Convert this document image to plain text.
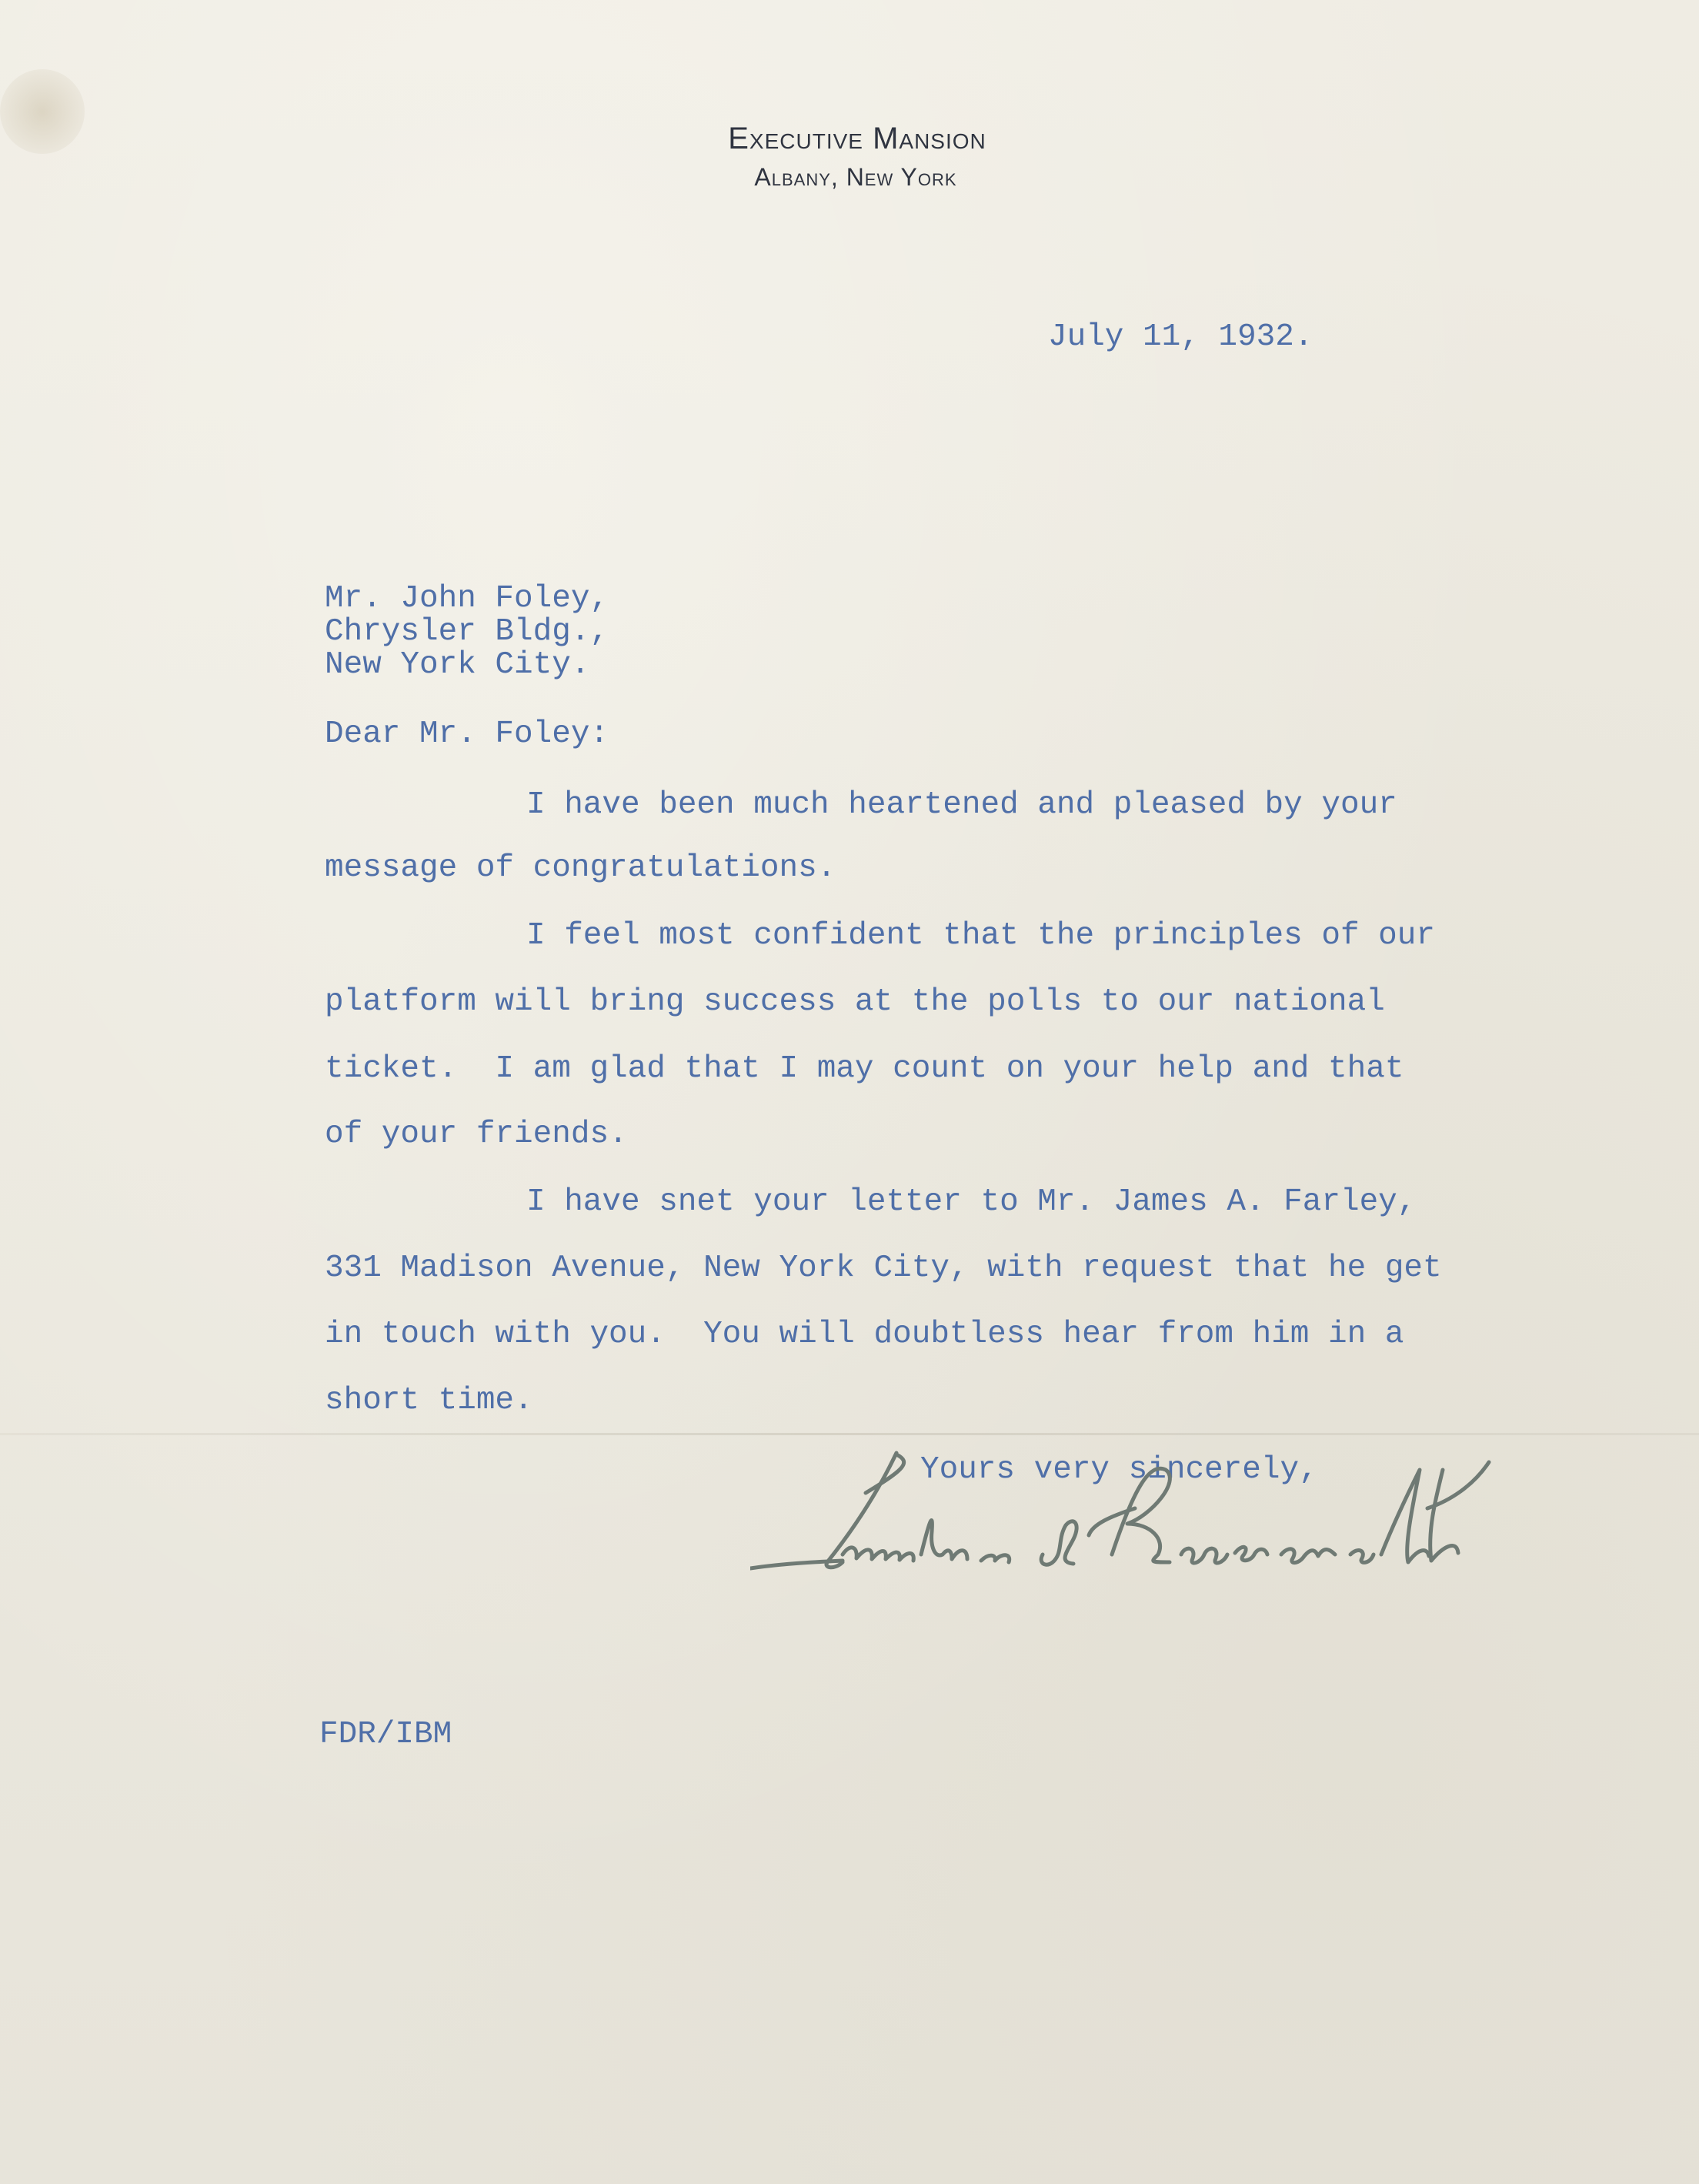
Executive Mansion
Albany, New York
July 11, 1932.
Mr. John Foley,
Chrysler Bldg.,
New York City.
Dear Mr. Foley:
I have been much heartened and pleased by your
message of congratulations.
I feel most confident that the principles of our
platform will bring success at the polls to our national
ticket.  I am glad that I may count on your help and that
of your friends.
I have snet your letter to Mr. James A. Farley,
331 Madison Avenue, New York City, with request that he get
in touch with you.  You will doubtless hear from him in a
short time.
Yours very sincerely,
FDR/IBM
